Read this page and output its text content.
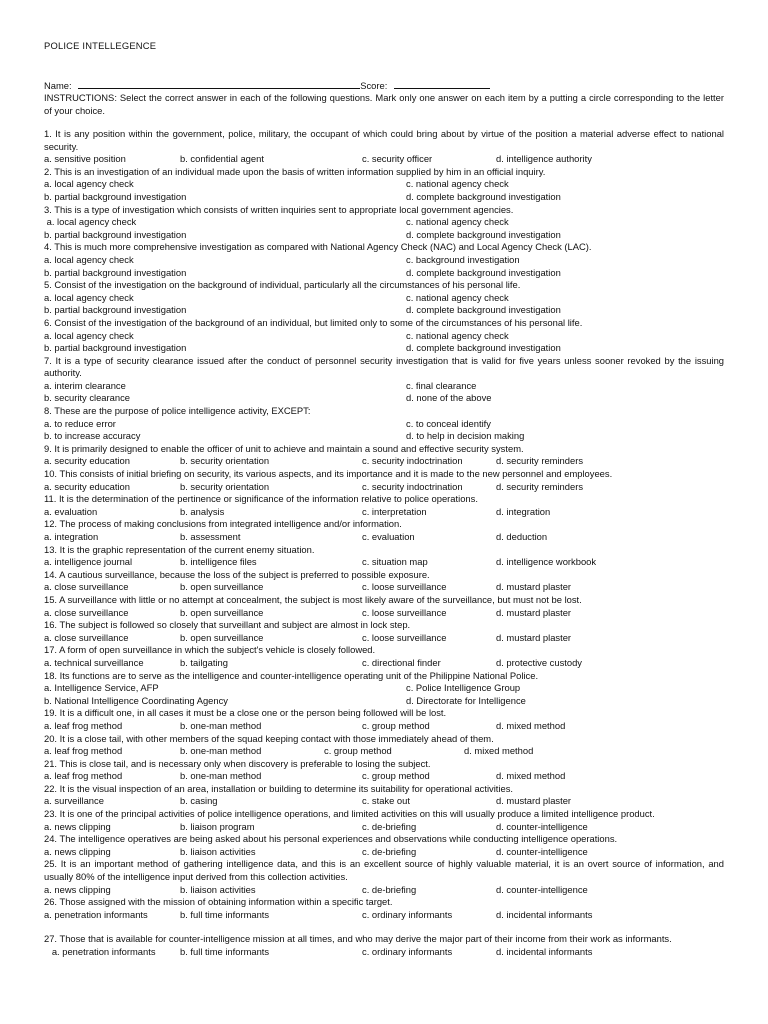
POLICE INTELLEGENCE
Name:	Score:
INSTRUCTIONS: Select the correct answer in each of the following questions. Mark only one answer on each item by a putting a circle corresponding to the letter of your choice.
1. It is any position within the government, police, military, the occupant of which could bring about by virtue of the position a material adverse effect to national security.
a. sensitive position	b. confidential agent	c. security officer	d. intelligence authority
2. This is an investigation of an individual made upon the basis of written information supplied by him in an official inquiry.
a. local agency check	c. national agency check
b. partial background investigation	d. complete background investigation
3. This is a type of investigation which consists of written inquiries sent to appropriate local government agencies.
a. local agency check	c. national agency check
b. partial background investigation	d. complete background investigation
4. This is much more comprehensive investigation as compared with National Agency Check (NAC) and Local Agency Check (LAC).
a. local agency check	c. background investigation
b. partial background investigation	d. complete background investigation
5. Consist of the investigation on the background of individual, particularly all the circumstances of his personal life.
a. local agency check	c. national agency check
b. partial background investigation	d. complete background investigation
6. Consist of the investigation of the background of an individual, but limited only to some of the circumstances of his personal life.
a. local agency check	c. national agency check
b. partial background investigation	d. complete background investigation
7. It is a type of security clearance issued after the conduct of personnel security investigation that is valid for five years unless sooner revoked by the issuing authority.
a. interim clearance	c. final clearance
b. security clearance	d. none of the above
8. These are the purpose of police intelligence activity, EXCEPT:
a. to reduce error	c. to conceal identify
b. to increase accuracy	d. to help in decision making
9. It is primarily designed to enable the officer of unit to achieve and maintain a sound and effective security system.
a. security education	b. security orientation	c. security indoctrination	d. security reminders
10. This consists of initial briefing on security, its various aspects, and its importance and it is made to the new personnel and employees.
a. security education	b. security orientation	c. security indoctrination	d. security reminders
11. It is the determination of the pertinence or significance of the information relative to police operations.
a. evaluation	b. analysis	c. interpretation	d. integration
12. The process of making conclusions from integrated intelligence and/or information.
a. integration	b. assessment	c. evaluation	d. deduction
13. It is the graphic representation of the current enemy situation.
a. intelligence journal	b. intelligence files	c. situation map	d. intelligence workbook
14. A cautious surveillance, because the loss of the subject is preferred to possible exposure.
a. close surveillance	b. open surveillance	c. loose surveillance	d. mustard plaster
15. A surveillance with little or no attempt at concealment, the subject is most likely aware of the surveillance, but must not be lost.
a. close surveillance	b. open surveillance	c. loose surveillance	d. mustard plaster
16. The subject is followed so closely that surveillant and subject are almost in lock step.
a. close surveillance	b. open surveillance	c. loose surveillance	d. mustard plaster
17. A form of open surveillance in which the subject's vehicle is closely followed.
a. technical surveillance	b. tailgating	c. directional finder	d. protective custody
18. Its functions are to serve as the intelligence and counter-intelligence operating unit of the Philippine National Police.
a. Intelligence Service, AFP	c. Police Intelligence Group
b. National Intelligence Coordinating Agency	d. Directorate for Intelligence
19. It is a difficult one, in all cases it must be a close one or the person being followed will be lost.
a. leaf frog method	b. one-man method	c. group method	d. mixed method
20. It is a close tail, with other members of the squad keeping contact with those immediately ahead of them.
a. leaf frog method	b. one-man method	c. group method	d. mixed method
21. This is close tail, and is necessary only when discovery is preferable to losing the subject.
a. leaf frog method	b. one-man method	c. group method	d. mixed method
22. It is the visual inspection of an area, installation or building to determine its suitability for operational activities.
a. surveillance	b. casing	c. stake out	d. mustard plaster
23. It is one of the principal activities of police intelligence operations, and limited activities on this will usually produce a limited intelligence product.
a. news clipping	b. liaison program	c. de-briefing	d. counter-intelligence
24. The intelligence operatives are being asked about his personal experiences and observations while conducting intelligence operations.
a. news clipping	b. liaison activities	c. de-briefing	d. counter-intelligence
25. It is an important method of gathering intelligence data, and this is an excellent source of highly valuable material, it is an overt source of information, and usually 80% of the intelligence input derived from this collection activities.
a. news clipping	b. liaison activities	c. de-briefing	d. counter-intelligence
26. Those assigned with the mission of obtaining information within a specific target.
a. penetration informants	b. full time informants	c. ordinary informants	d. incidental informants
27. Those that is available for counter-intelligence mission at all times, and who may derive the major part of their income from their work as informants.
a. penetration informants	b. full time informants	c. ordinary informants	d. incidental informants
